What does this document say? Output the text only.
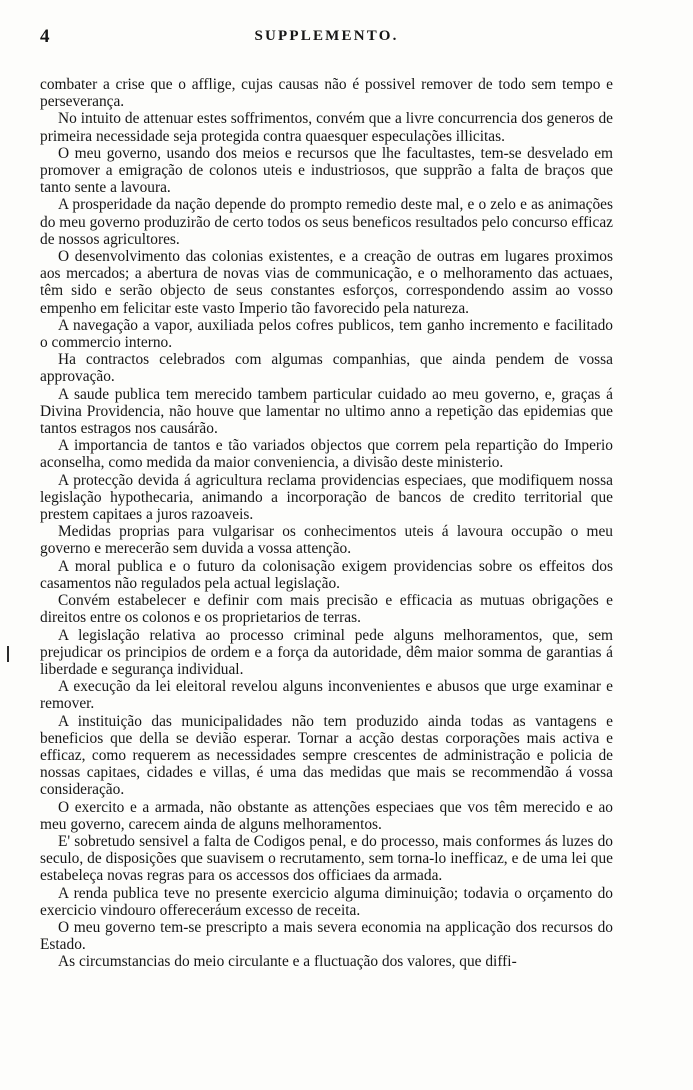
4	SUPPLEMENTO.

combater a crise que o afflige, cujas causas não é possivel remover de todo sem tempo e perseverança.

No intuito de attenuar estes soffrimentos, convém que a livre concurrencia dos generos de primeira necessidade seja protegida contra quaesquer especulações illicitas.

O meu governo, usando dos meios e recursos que lhe facultastes, tem-se desvelado em promover a emigração de colonos uteis e industriosos, que supprão a falta de braços que tanto sente a lavoura.

A prosperidade da nação depende do prompto remedio deste mal, e o zelo e as animações do meu governo produzirão de certo todos os seus beneficos resultados pelo concurso efficaz de nossos agricultores.

O desenvolvimento das colonias existentes, e a creação de outras em lugares proximos aos mercados; a abertura de novas vias de communicação, e o melhoramento das actuaes, têm sido e serão objecto de seus constantes esforços, correspondendo assim ao vosso empenho em felicitar este vasto Imperio tão favorecido pela natureza.

A navegação a vapor, auxiliada pelos cofres publicos, tem ganho incremento e facilitado o commercio interno.

Ha contractos celebrados com algumas companhias, que ainda pendem de vossa approvação.

A saude publica tem merecido tambem particular cuidado ao meu governo, e, graças á Divina Providencia, não houve que lamentar no ultimo anno a repetição das epidemias que tantos estragos nos causárão.

A importancia de tantos e tão variados objectos que correm pela repartição do Imperio aconselha, como medida da maior conveniencia, a divisão deste ministerio.

A protecção devida á agricultura reclama providencias especiaes, que modifiquem nossa legislação hypothecaria, animando a incorporação de bancos de credito territorial que prestem capitaes a juros razoaveis.

Medidas proprias para vulgarisar os conhecimentos uteis á lavoura occupão o meu governo e merecerão sem duvida a vossa attenção.

A moral publica e o futuro da colonisação exigem providencias sobre os effeitos dos casamentos não regulados pela actual legislação.

Convém estabelecer e definir com mais precisão e efficacia as mutuas obrigações e direitos entre os colonos e os proprietarios de terras.

A legislação relativa ao processo criminal pede alguns melhoramentos, que, sem prejudicar os principios de ordem e a força da autoridade, dêm maior somma de garantias á liberdade e segurança individual.

A execução da lei eleitoral revelou alguns inconvenientes e abusos que urge examinar e remover.

A instituição das municipalidades não tem produzido ainda todas as vantagens e beneficios que della se devião esperar. Tornar a acção destas corporações mais activa e efficaz, como requerem as necessidades sempre crescentes de administração e policia de nossas capitaes, cidades e villas, é uma das medidas que mais se recommendão á vossa consideração.

O exercito e a armada, não obstante as attenções especiaes que vos têm merecido e ao meu governo, carecem ainda de alguns melhoramentos.

E' sobretudo sensivel a falta de Codigos penal, e do processo, mais conformes ás luzes do seculo, de disposições que suavisem o recrutamento, sem torna-lo inefficaz, e de uma lei que estabeleça novas regras para os accessos dos officiaes da armada.

A renda publica teve no presente exercicio alguma diminuição; todavia o orçamento do exercicio vindouro offereceráum excesso de receita.

O meu governo tem-se prescripto a mais severa economia na applicação dos recursos do Estado.

As circumstancias do meio circulante e a fluctuação dos valores, que diffi-
